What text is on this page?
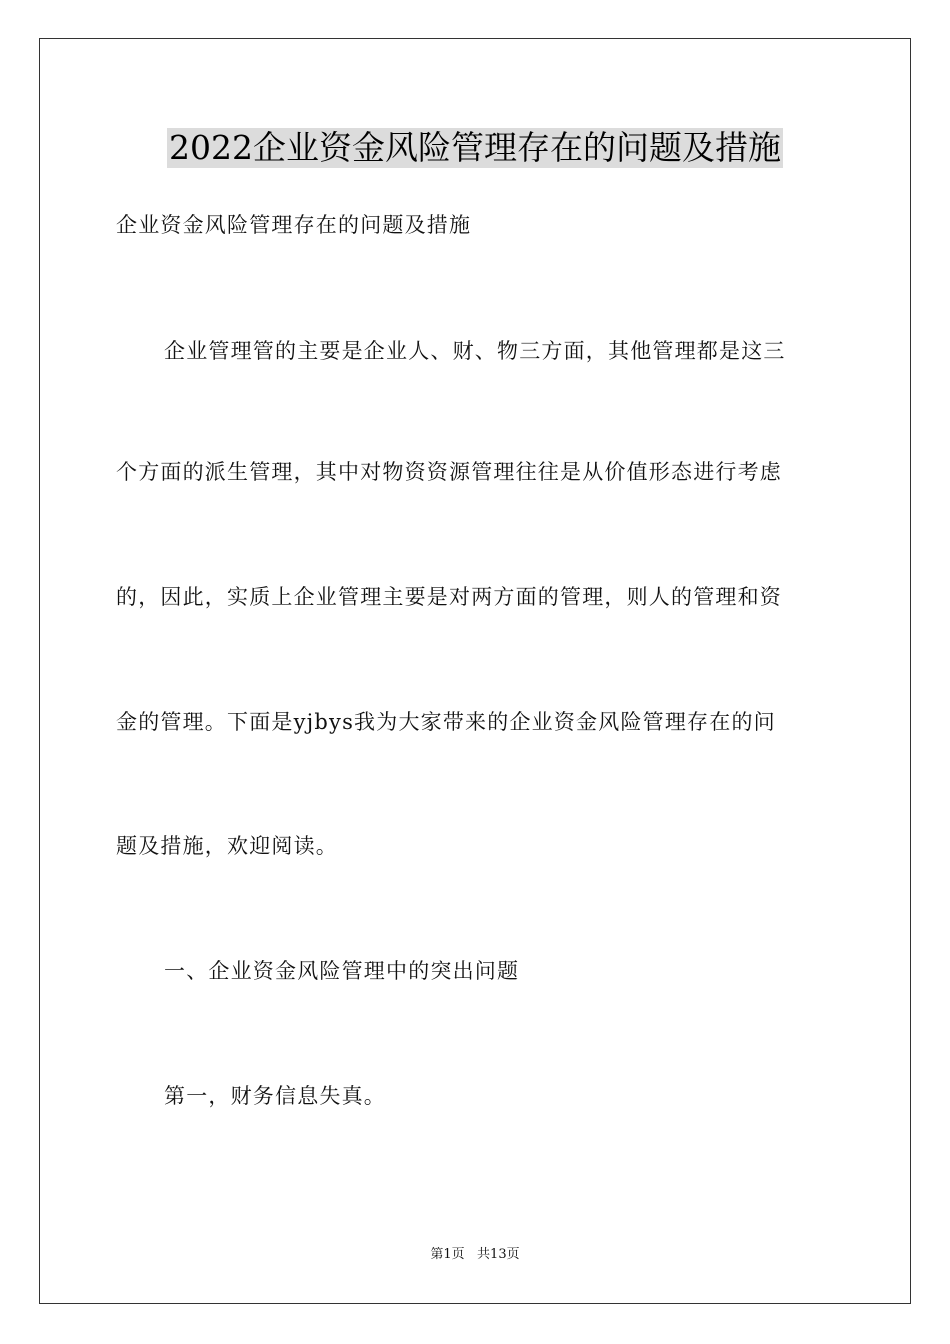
2022企业资金风险管理存在的问题及措施
企业资金风险管理存在的问题及措施
企业管理管的主要是企业人、财、物三方面，其他管理都是这三
个方面的派生管理，其中对物资资源管理往往是从价值形态进行考虑
的，因此，实质上企业管理主要是对两方面的管理，则人的管理和资
金的管理。下面是yjbys我为大家带来的企业资金风险管理存在的问
题及措施，欢迎阅读。
一、企业资金风险管理中的突出问题
第一，财务信息失真。
第1页   共13页
